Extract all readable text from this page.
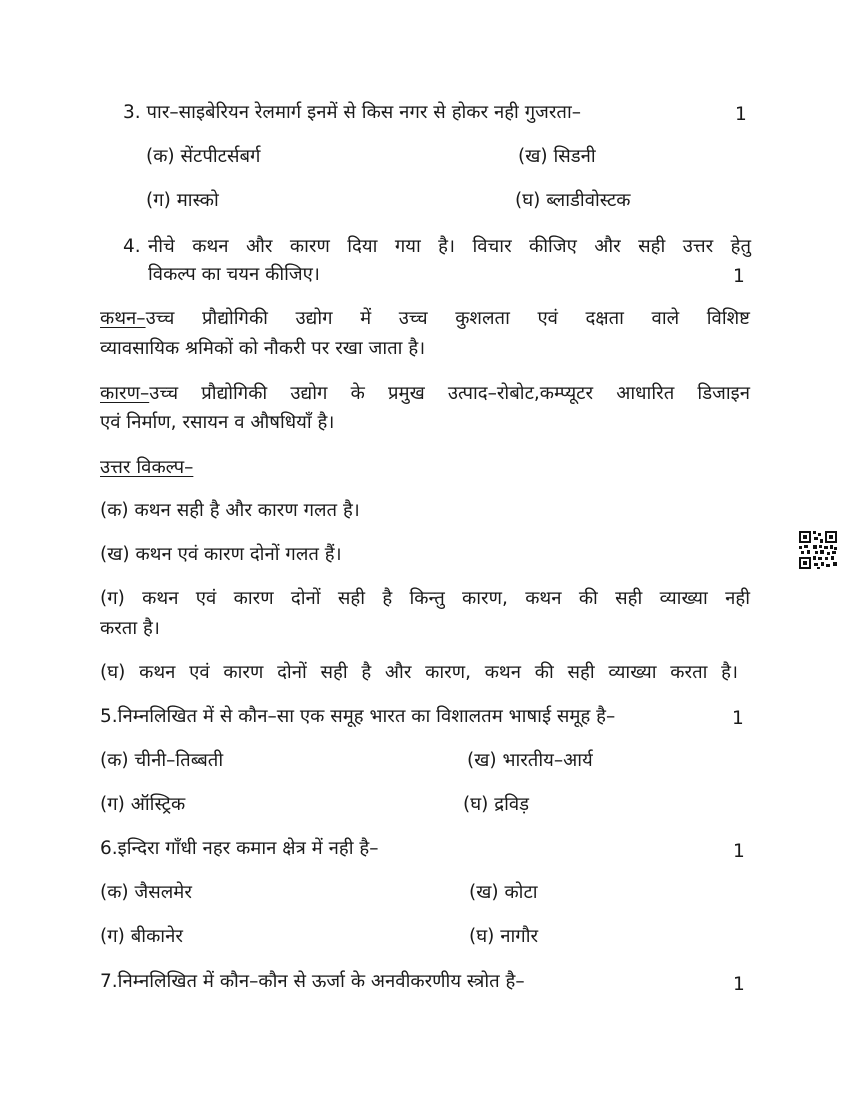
3. पार–साइबेरियन रेलमार्ग इनमें से किस नगर से होकर नही गुजरता–	1
(क) सेंटपीटर्सबर्ग	(ख) सिडनी
(ग) मास्को	(घ) ब्लाडीवोस्टक
4. नीचे कथन और कारण दिया गया है। विचार कीजिए और सही उत्तर हेतु
विकल्प का चयन कीजिए।	1
कथन–उच्च प्रौद्योगिकी उद्योग में उच्च कुशलता एवं दक्षता वाले विशिष्ट
व्यावसायिक श्रमिकों को नौकरी पर रखा जाता है।
कारण–उच्च प्रौद्योगिकी उद्योग के प्रमुख उत्पाद–रोबोट,कम्प्यूटर आधारित डिजाइन
एवं निर्माण, रसायन व औषधियाँ है।
उत्तर विकल्प–
(क) कथन सही है और कारण गलत है।
(ख) कथन एवं कारण दोनों गलत हैं।
(ग) कथन एवं कारण दोनों सही है किन्तु कारण, कथन की सही व्याख्या नही
करता है।
(घ) कथन एवं कारण दोनों सही है और कारण, कथन की सही व्याख्या करता है।
5.निम्नलिखित में से कौन–सा एक समूह भारत का विशालतम भाषाई समूह है–	1
(क) चीनी–तिब्बती	(ख) भारतीय–आर्य
(ग) ऑस्ट्रिक	(घ) द्रविड़
6.इन्दिरा गाँधी नहर कमान क्षेत्र में नही है–	1
(क) जैसलमेर	(ख) कोटा
(ग) बीकानेर	(घ) नागौर
7.निम्नलिखित में कौन–कौन से ऊर्जा के अनवीकरणीय स्त्रोत है–	1
